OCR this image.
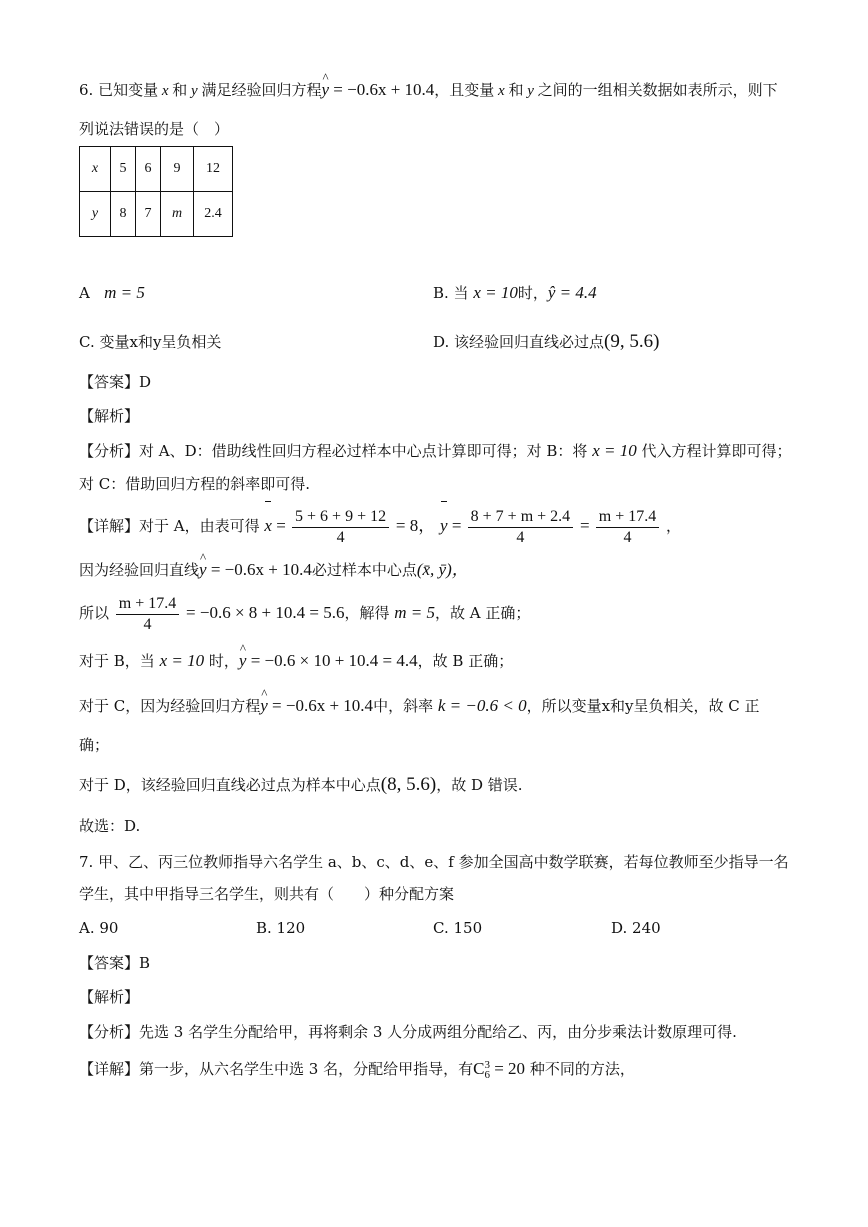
6. 已知变量 x 和 y 满足经验回归方程^ y = −0.6x + 10.4，且变量 x 和 y 之间的一组相关数据如表所示，则下
列说法错误的是（　）
x	5	6	9	12
y	8	7	m	2.4
A m = 5	B. 当 x = 10时，ŷ = 4.4
C. 变量x和y呈负相关	D. 该经验回归直线必过点(9, 5.6)
【答案】D
【解析】
【分析】对 A、D：借助线性回归方程必过样本中心点计算即可得；对 B：将 x = 10 代入方程计算即可得；
对 C：借助回归方程的斜率即可得.
【详解】对于 A，由表可得 $x = \frac{5 + 6 + 9 + 12}{4} = 8$， $y = \frac{8 + 7 + m + 2.4}{4} = \frac{m + 17.4}{4}$ ，
因为经验回归直线^ y = −0.6x + 10.4必过样本中心点(x̄, ȳ)，
所以 $\frac{m + 17.4}{4} = -0.6 \times 8 + 10.4 = 5.6$，解得 m = 5，故 A 正确；
对于 B，当 x = 10 时，^ y = −0.6 × 10 + 10.4 = 4.4，故 B 正确；
对于 C，因为经验回归方程^ y = −0.6x + 10.4中，斜率 k = −0.6 < 0，所以变量x和y呈负相关，故 C 正
确；
对于 D，该经验回归直线必过点为样本中心点(8, 5.6)，故 D 错误.
故选：D.
7. 甲、乙、丙三位教师指导六名学生 a、b、c、d、e、f 参加全国高中数学联赛，若每位教师至少指导一名
学生，其中甲指导三名学生，则共有（　　）种分配方案
A. 90	B. 120	C. 150	D. 240
【答案】B
【解析】
【分析】先选 3 名学生分配给甲，再将剩余 3 人分成两组分配给乙、丙，由分步乘法计数原理可得.
【详解】第一步，从六名学生中选 3 名，分配给甲指导，有C 3
6 = 20 种不同的方法，
